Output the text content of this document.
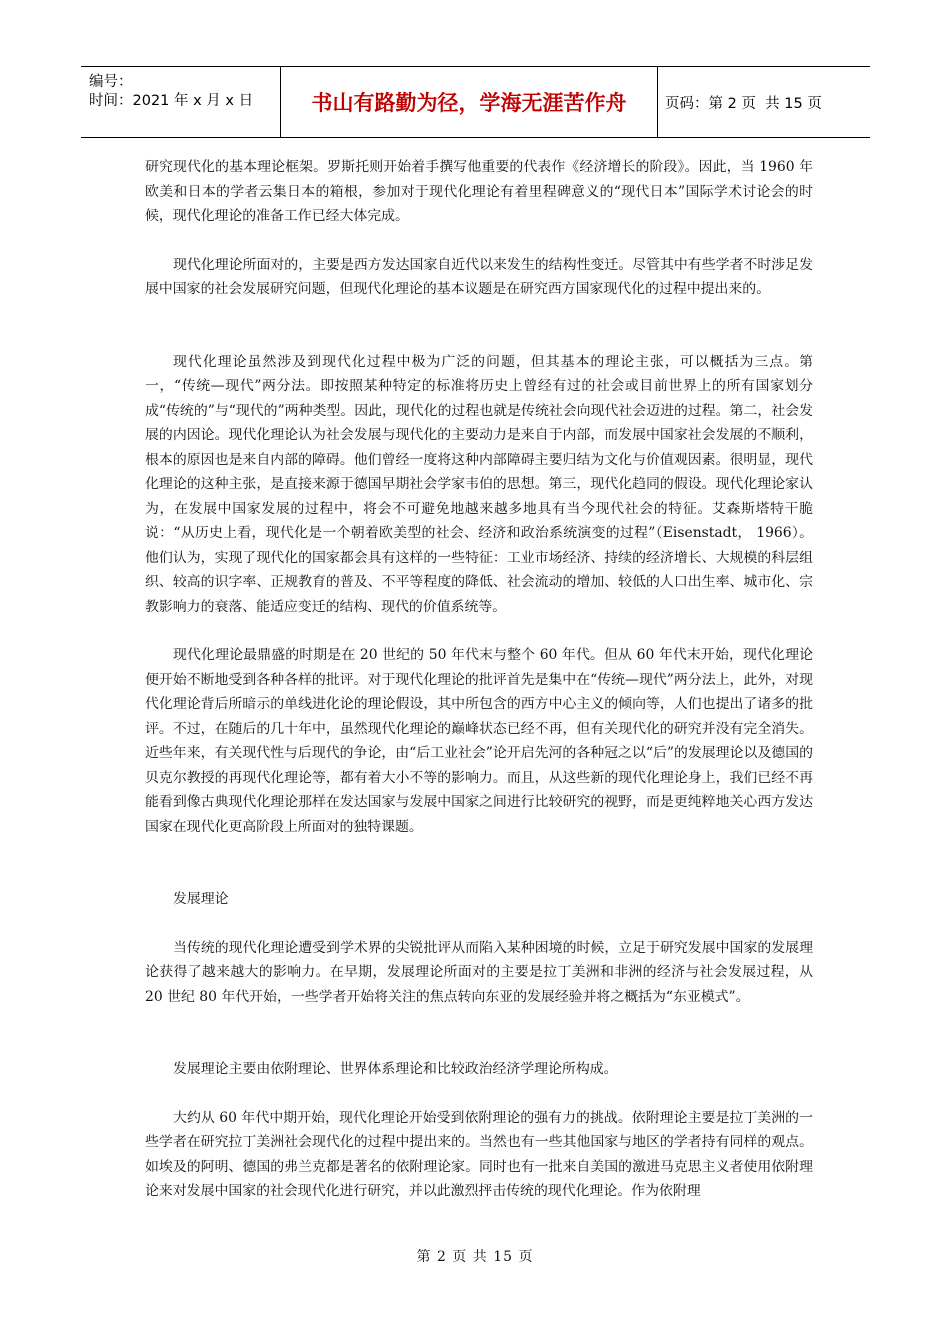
编号：
时间：2021 年 x 月 x 日	书山有路勤为径，学海无涯苦作舟	页码：第 2 页  共 15 页

研究现代化的基本理论框架。罗斯托则开始着手撰写他重要的代表作《经济增长的阶段》。因此，当 1960 年欧美和日本的学者云集日本的箱根，参加对于现代化理论有着里程碑意义的“现代日本”国际学术讨论会的时候，现代化理论的准备工作已经大体完成。

现代化理论所面对的，主要是西方发达国家自近代以来发生的结构性变迁。尽管其中有些学者不时涉足发展中国家的社会发展研究问题，但现代化理论的基本议题是在研究西方国家现代化的过程中提出来的。

现代化理论虽然涉及到现代化过程中极为广泛的问题，但其基本的理论主张，可以概括为三点。第一，“传统—现代”两分法。即按照某种特定的标准将历史上曾经有过的社会或目前世界上的所有国家划分成“传统的”与“现代的”两种类型。因此，现代化的过程也就是传统社会向现代社会迈进的过程。第二，社会发展的内因论。现代化理论认为社会发展与现代化的主要动力是来自于内部，而发展中国家社会发展的不顺利，根本的原因也是来自内部的障碍。他们曾经一度将这种内部障碍主要归结为文化与价值观因素。很明显，现代化理论的这种主张，是直接来源于德国早期社会学家韦伯的思想。第三，现代化趋同的假设。现代化理论家认为，在发展中国家发展的过程中，将会不可避免地越来越多地具有当今现代社会的特征。艾森斯塔特干脆说：“从历史上看，现代化是一个朝着欧美型的社会、经济和政治系统演变的过程”（Eisenstadt， 1966）。他们认为，实现了现代化的国家都会具有这样的一些特征：工业市场经济、持续的经济增长、大规模的科层组织、较高的识字率、正规教育的普及、不平等程度的降低、社会流动的增加、较低的人口出生率、城市化、宗教影响力的衰落、能适应变迁的结构、现代的价值系统等。

现代化理论最鼎盛的时期是在 20 世纪的 50 年代末与整个 60 年代。但从 60 年代末开始，现代化理论便开始不断地受到各种各样的批评。对于现代化理论的批评首先是集中在“传统—现代”两分法上，此外，对现代化理论背后所暗示的单线进化论的理论假设，其中所包含的西方中心主义的倾向等，人们也提出了诸多的批评。不过，在随后的几十年中，虽然现代化理论的巅峰状态已经不再，但有关现代化的研究并没有完全消失。近些年来，有关现代性与后现代的争论，由“后工业社会”论开启先河的各种冠之以“后”的发展理论以及德国的贝克尔教授的再现代化理论等，都有着大小不等的影响力。而且，从这些新的现代化理论身上，我们已经不再能看到像古典现代化理论那样在发达国家与发展中国家之间进行比较研究的视野，而是更纯粹地关心西方发达国家在现代化更高阶段上所面对的独特课题。

发展理论

当传统的现代化理论遭受到学术界的尖锐批评从而陷入某种困境的时候，立足于研究发展中国家的发展理论获得了越来越大的影响力。在早期，发展理论所面对的主要是拉丁美洲和非洲的经济与社会发展过程，从 20 世纪 80 年代开始，一些学者开始将关注的焦点转向东亚的发展经验并将之概括为“东亚模式”。

发展理论主要由依附理论、世界体系理论和比较政治经济学理论所构成。

大约从 60 年代中期开始，现代化理论开始受到依附理论的强有力的挑战。依附理论主要是拉丁美洲的一些学者在研究拉丁美洲社会现代化的过程中提出来的。当然也有一些其他国家与地区的学者持有同样的观点。如埃及的阿明、德国的弗兰克都是著名的依附理论家。同时也有一批来自美国的激进马克思主义者使用依附理论来对发展中国家的社会现代化进行研究，并以此激烈抨击传统的现代化理论。作为依附理

第 2 页 共 15 页
